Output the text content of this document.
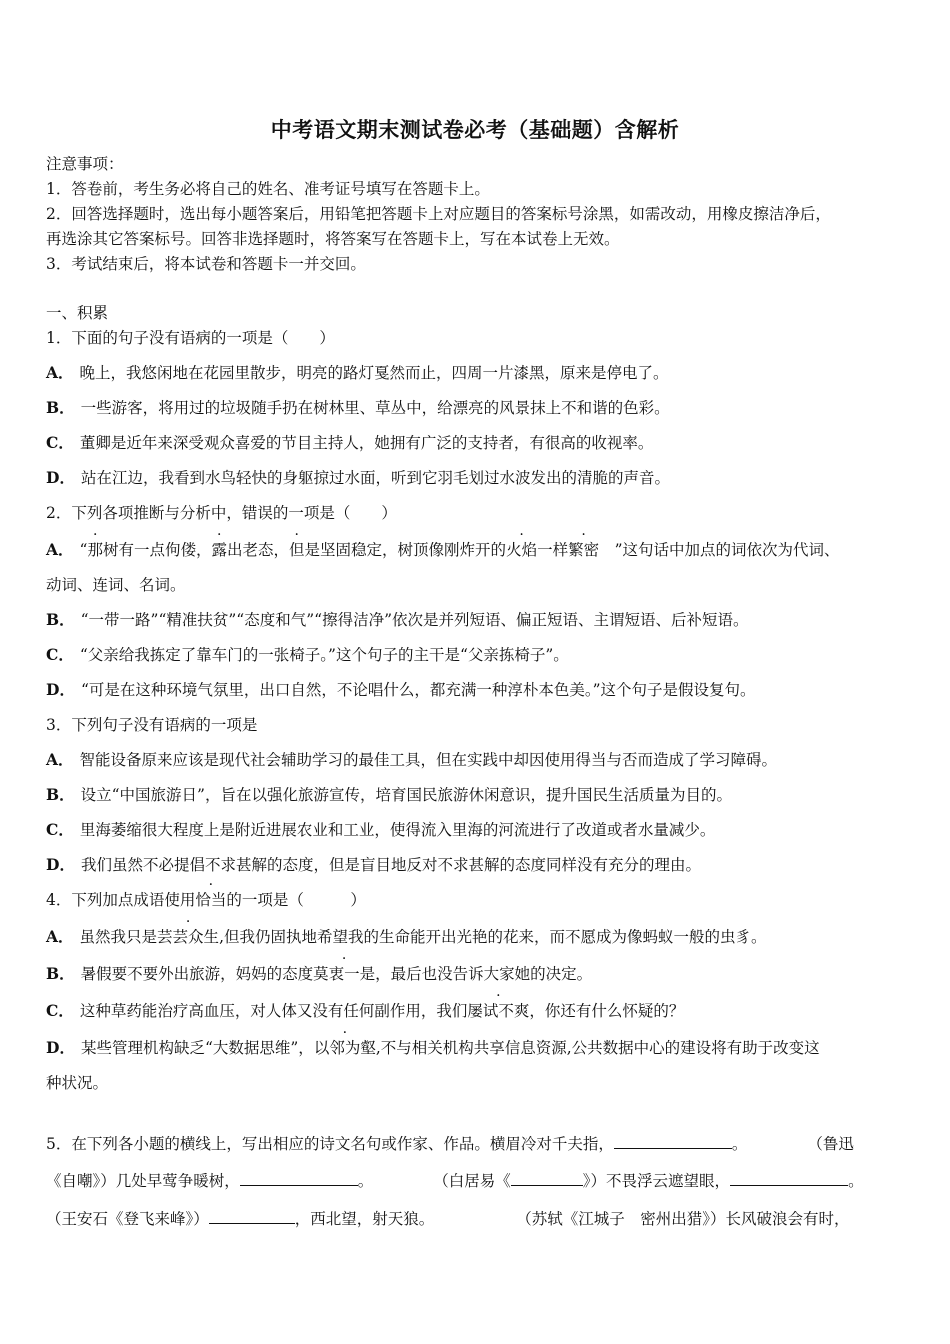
中考语文期末测试卷必考（基础题）含解析
注意事项：
1．答卷前，考生务必将自己的姓名、准考证号填写在答题卡上。
2．回答选择题时，选出每小题答案后，用铅笔把答题卡上对应题目的答案标号涂黑，如需改动，用橡皮擦洁净后，
再选涂其它答案标号。回答非选择题时，将答案写在答题卡上，写在本试卷上无效。
3．考试结束后，将本试卷和答题卡一并交回。
一、积累
1．下面的句子没有语病的一项是（　　）
A． 晚上，我悠闲地在花园里散步，明亮的路灯戛然而止，四周一片漆黑，原来是停电了。
B． 一些游客，将用过的垃圾随手扔在树林里、草丛中，给漂亮的风景抹上不和谐的色彩。
C． 董卿是近年来深受观众喜爱的节目主持人，她拥有广泛的支持者，有很高的收视率。
D． 站在江边，我看到水鸟轻快的身躯掠过水面，听到它羽毛划过水波发出的清脆的声音。
2．下列各项推断与分析中，错误的一项是（　　）
A． “那树有一点佝偻，露出老态，但是坚固稳定，树顶像刚炸开的火焰一样繁密　”这句话中加点的词依次为代词、
动词、连词、名词。
B． “一带一路”“精准扶贫”“态度和气”“擦得洁净”依次是并列短语、偏正短语、主谓短语、后补短语。
C． “父亲给我拣定了靠车门的一张椅子。”这个句子的主干是“父亲拣椅子”。
D． “可是在这种环境气氛里，出口自然，不论唱什么，都充满一种淳朴本色美。”这个句子是假设复句。
3．下列句子没有语病的一项是
A． 智能设备原来应该是现代社会辅助学习的最佳工具，但在实践中却因使用得当与否而造成了学习障碍。
B． 设立“中国旅游日”，旨在以强化旅游宣传，培育国民旅游休闲意识，提升国民生活质量为目的。
C． 里海萎缩很大程度上是附近进展农业和工业，使得流入里海的河流进行了改道或者水量减少。
D． 我们虽然不必提倡不求甚解的态度，但是盲目地反对不求甚解的态度同样没有充分的理由。
4．下列加点成语使用恰当的一项是（　　　）
A． 虽然我只是芸芸众生,但我仍固执地希望我的生命能开出光艳的花来，而不愿成为像蚂蚁一般的虫豸。
B． 暑假要不要外出旅游，妈妈的态度莫衷一是，最后也没告诉大家她的决定。
C． 这种草药能治疗高血压，对人体又没有任何副作用，我们屡试不爽，你还有什么怀疑的？
D． 某些管理机构缺乏“大数据思维”，以邻为壑,不与相关机构共享信息资源,公共数据中心的建设将有助于改变这
种状况。
5．在下列各小题的横线上，写出相应的诗文名句或作家、作品。横眉冷对千夫指，	。	（鲁迅
《自嘲》）几处早莺争暖树，	。	（白居易《	》）不畏浮云遮望眼，	。
（王安石《登飞来峰》）	，西北望，射天狼。	（苏轼《江城子　密州出猎》）长风破浪会有时，
